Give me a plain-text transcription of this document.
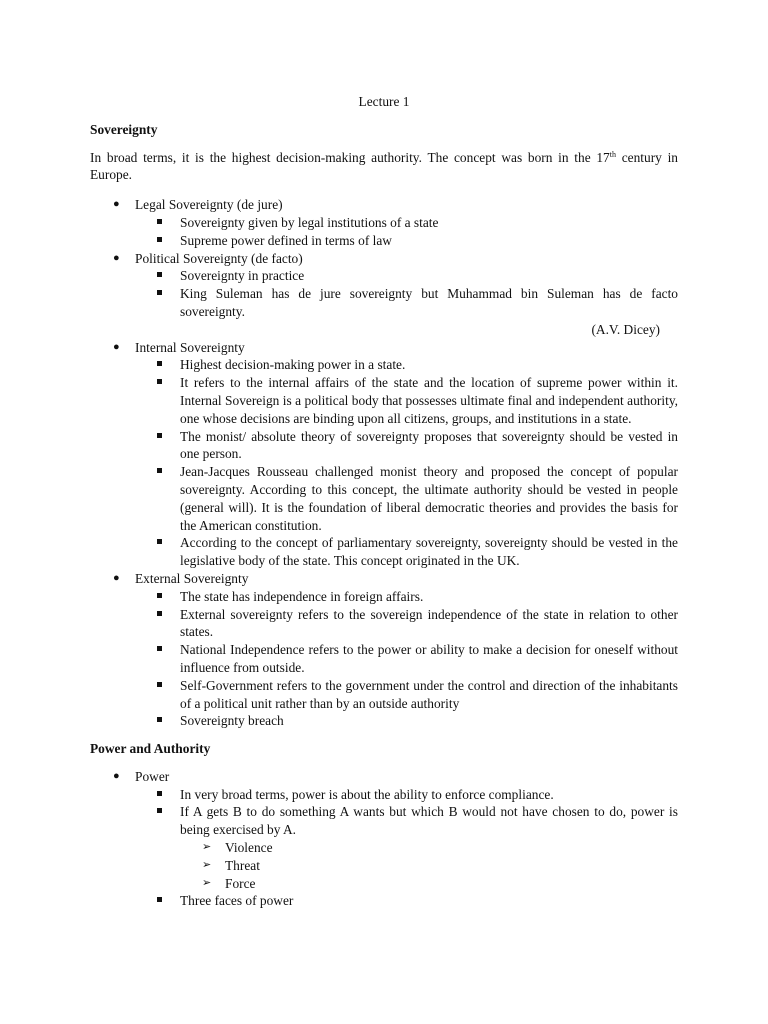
Lecture 1
Sovereignty

In broad terms, it is the highest decision-making authority. The concept was born in the 17th century in Europe.

● Legal Sovereignty (de jure)
Sovereignty given by legal institutions of a state
Supreme power defined in terms of law
● Political Sovereignty (de facto)
Sovereignty in practice
King Suleman has de jure sovereignty but Muhammad bin Suleman has de facto sovereignty.
(A.V. Dicey)
● Internal Sovereignty
Highest decision-making power in a state.
It refers to the internal affairs of the state and the location of supreme power within it. Internal Sovereign is a political body that possesses ultimate final and independent authority, one whose decisions are binding upon all citizens, groups, and institutions in a state.
The monist/ absolute theory of sovereignty proposes that sovereignty should be vested in one person.
Jean-Jacques Rousseau challenged monist theory and proposed the concept of popular sovereignty. According to this concept, the ultimate authority should be vested in people (general will). It is the foundation of liberal democratic theories and provides the basis for the American constitution.
According to the concept of parliamentary sovereignty, sovereignty should be vested in the legislative body of the state. This concept originated in the UK.
● External Sovereignty
The state has independence in foreign affairs.
External sovereignty refers to the sovereign independence of the state in relation to other states.
National Independence refers to the power or ability to make a decision for oneself without influence from outside.
Self-Government refers to the government under the control and direction of the inhabitants of a political unit rather than by an outside authority
Sovereignty breach
Power and Authority
● Power
In very broad terms, power is about the ability to enforce compliance.
If A gets B to do something A wants but which B would not have chosen to do, power is being exercised by A.
➢ Violence
➢ Threat
➢ Force
Three faces of power
